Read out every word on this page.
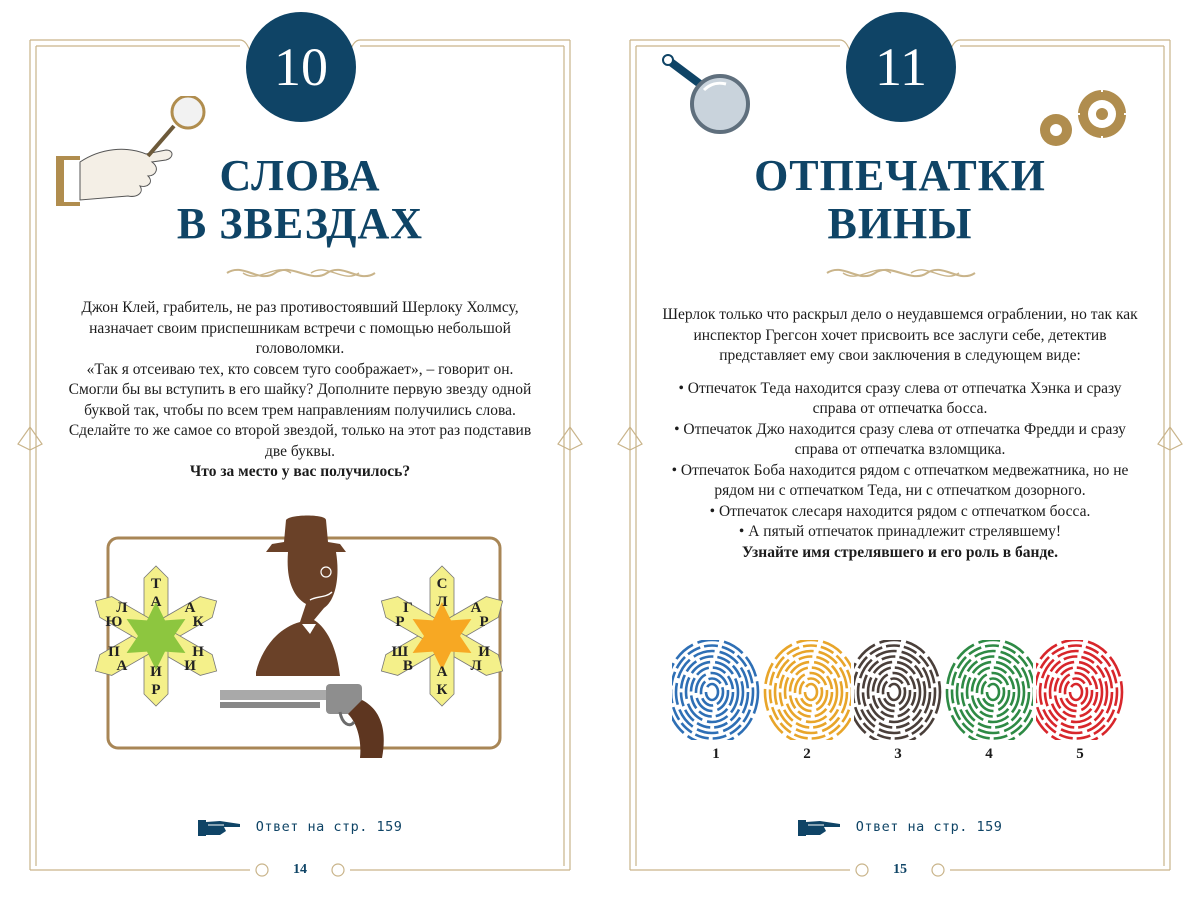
10
СЛОВА
В ЗВЕЗДАХ

Джон Клей, грабитель, не раз противостоявший Шерлоку Холмсу, назначает своим приспешникам встречи с помощью небольшой головоломки.

«Так я отсеиваю тех, кто совсем туго соображает», – говорит он. Смогли бы вы вступить в его шайку? Дополните первую звезду одной буквой так, чтобы по всем трем направлениям получились слова. Сделайте то же самое со второй звездой, только на этот раз подставив две буквы.

Что за место у вас получилось?

Т
А
К
А
И
Н
И
Р
П
А
Л
Ю
С
Л
Р
А
Л
И
А
К
Ш
В
Г
Р
Ответ на стр. 159
14
11
ОТПЕЧАТКИ
ВИНЫ

Шерлок только что раскрыл дело о неудавшемся ограблении, но так как инспектор Грегсон хочет присвоить все заслуги себе, детектив представляет ему свои заключения в следующем виде:

• Отпечаток Теда находится сразу слева от отпечатка Хэнка и сразу справа от отпечатка босса.
• Отпечаток Джо находится сразу слева от отпечатка Фредди и сразу справа от отпечатка взломщика.
• Отпечаток Боба находится рядом с отпечатком медвежатника, но не рядом ни с отпечатком Теда, ни с отпечатком дозорного.
• Отпечаток слесаря находится рядом с отпечатком босса.
• А пятый отпечаток принадлежит стрелявшему!

Узнайте имя стрелявшего и его роль в банде.

1	2	3	4	5
Ответ на стр. 159
15
